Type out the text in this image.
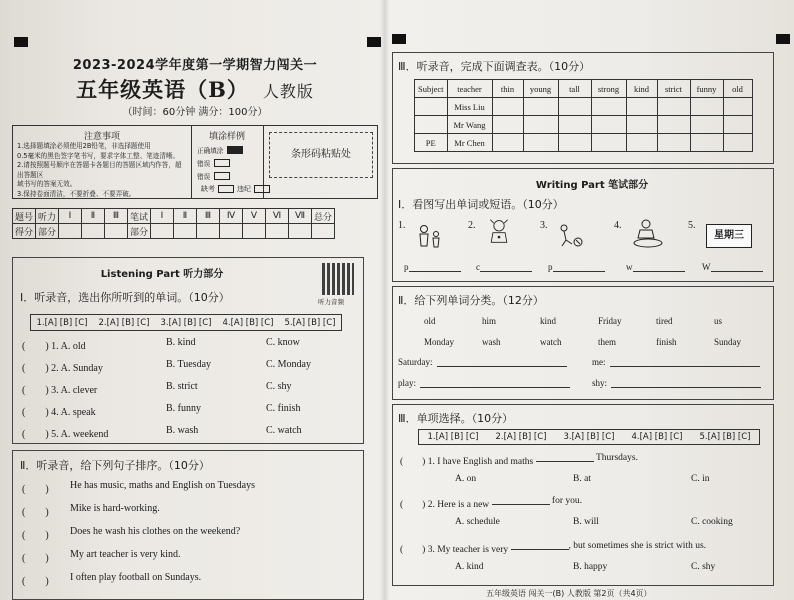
2023-2024学年度第一学期智力闯关一
五年级英语（B） 人教版
（时间：60分钟 满分：100分）
注意事项
1.选择题填涂必须使用2B铅笔，非选择题使用
0.5毫米的黑色签字笔书写，要求字体工整、笔迹清晰。
2.请按照题号顺序在答题卡各题目的答题区域内作答，超出答题区
域书写的答案无效。
3.保持卷面清洁，不要折叠、不要弄破。
填涂样例
正确填涂
错误
错误
条形码粘贴处
缺考	违纪
题号	听力	Ⅰ	Ⅱ	Ⅲ	笔试	Ⅰ	Ⅱ	Ⅲ	Ⅳ	Ⅴ	Ⅵ	Ⅶ	总分
得分	部分				部分								
Listening Part 听力部分
听力音频
Ⅰ．听录音，选出你所听到的单词。（10分）
1.[A] [B] [C] 2.[A] [B] [C] 3.[A] [B] [C] 4.[A] [B] [C] 5.[A] [B] [C]
(　　) 1. A. old	B. kind	C. know
(　　) 2. A. Sunday	B. Tuesday	C. Monday
(　　) 3. A. clever	B. strict	C. shy
(　　) 4. A. speak	B. funny	C. finish
(　　) 5. A. weekend	B. wash	C. watch
Ⅱ．听录音，给下列句子排序。（10分）
(　　)	He has music, maths and English on Tuesdays
(　　)	Mike is hard-working.
(　　)	Does he wash his clothes on the weekend?
(　　)	My art teacher is very kind.
(　　)	I often play football on Sundays.
Ⅲ．听录音，完成下面调查表。（10分）
Subject	teacher	thin	young	tall	strong	kind	strict	funny	old
	Miss Liu								
	Mr Wang								
PE	Mr Chen								
Writing Part 笔试部分
Ⅰ．看图写出单词或短语。（10分）
1.	2.	3.	4.	5.
星期三
p	c	p	w	W
Ⅱ．给下列单词分类。（12分）
old	him	kind	Friday	tired	us
Monday	wash	watch	them	finish	Sunday
Saturday:	me:
play:	shy:
Ⅲ．单项选择。（10分）
1.[A] [B] [C] 2.[A] [B] [C] 3.[A] [B] [C] 4.[A] [B] [C] 5.[A] [B] [C]
(　　) 1. I have English and maths

	Thursdays.
A. on	B. at	C. in
(　　) 2. Here is a new

	for you.
A. schedule	B. will	C. cooking
(　　) 3. My teacher is very
	, but sometimes she is strict with us.
A. kind	B. happy	C. shy
五年级英语 闯关一(B) 人教版 第2页（共4页）
